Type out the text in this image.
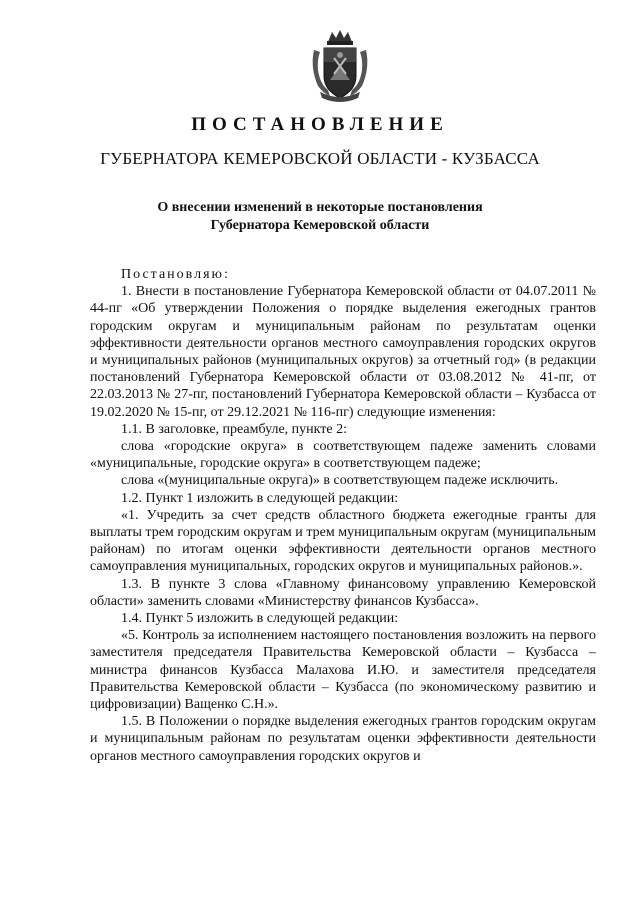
ПОСТАНОВЛЕНИЕ
ГУБЕРНАТОРА КЕМЕРОВСКОЙ ОБЛАСТИ - КУЗБАССА
О внесении изменений в некоторые постановления
Губернатора Кемеровской области

Постановляю:

1. Внести в постановление Губернатора Кемеровской области от 04.07.2011 № 44-пг «Об утверждении Положения о порядке выделения ежегодных грантов городским округам и муниципальным районам по результатам оценки эффективности деятельности органов местного самоуправления городских округов и муниципальных районов (муниципальных округов) за отчетный год» (в редакции постановлений Губернатора Кемеровской области от 03.08.2012 № 41-пг, от 22.03.2013 № 27-пг, постановлений Губернатора Кемеровской области – Кузбасса от 19.02.2020 № 15-пг, от 29.12.2021 № 116-пг) следующие изменения:

1.1. В заголовке, преамбуле, пункте 2:

слова «городские округа» в соответствующем падеже заменить словами «муниципальные, городские округа» в соответствующем падеже;

слова «(муниципальные округа)» в соответствующем падеже исключить.

1.2. Пункт 1 изложить в следующей редакции:

«1. Учредить за счет средств областного бюджета ежегодные гранты для выплаты трем городским округам и трем муниципальным округам (муниципальным районам) по итогам оценки эффективности деятельности органов местного самоуправления муниципальных, городских округов и муниципальных районов.».

1.3. В пункте 3 слова «Главному финансовому управлению Кемеровской области» заменить словами «Министерству финансов Кузбасса».

1.4. Пункт 5 изложить в следующей редакции:

«5. Контроль за исполнением настоящего постановления возложить на первого заместителя председателя Правительства Кемеровской области – Кузбасса – министра финансов Кузбасса Малахова И.Ю. и заместителя председателя Правительства Кемеровской области – Кузбасса (по экономическому развитию и цифровизации) Ващенко С.Н.».

1.5. В Положении о порядке выделения ежегодных грантов городским округам и муниципальным районам по результатам оценки эффективности деятельности органов местного самоуправления городских округов и
